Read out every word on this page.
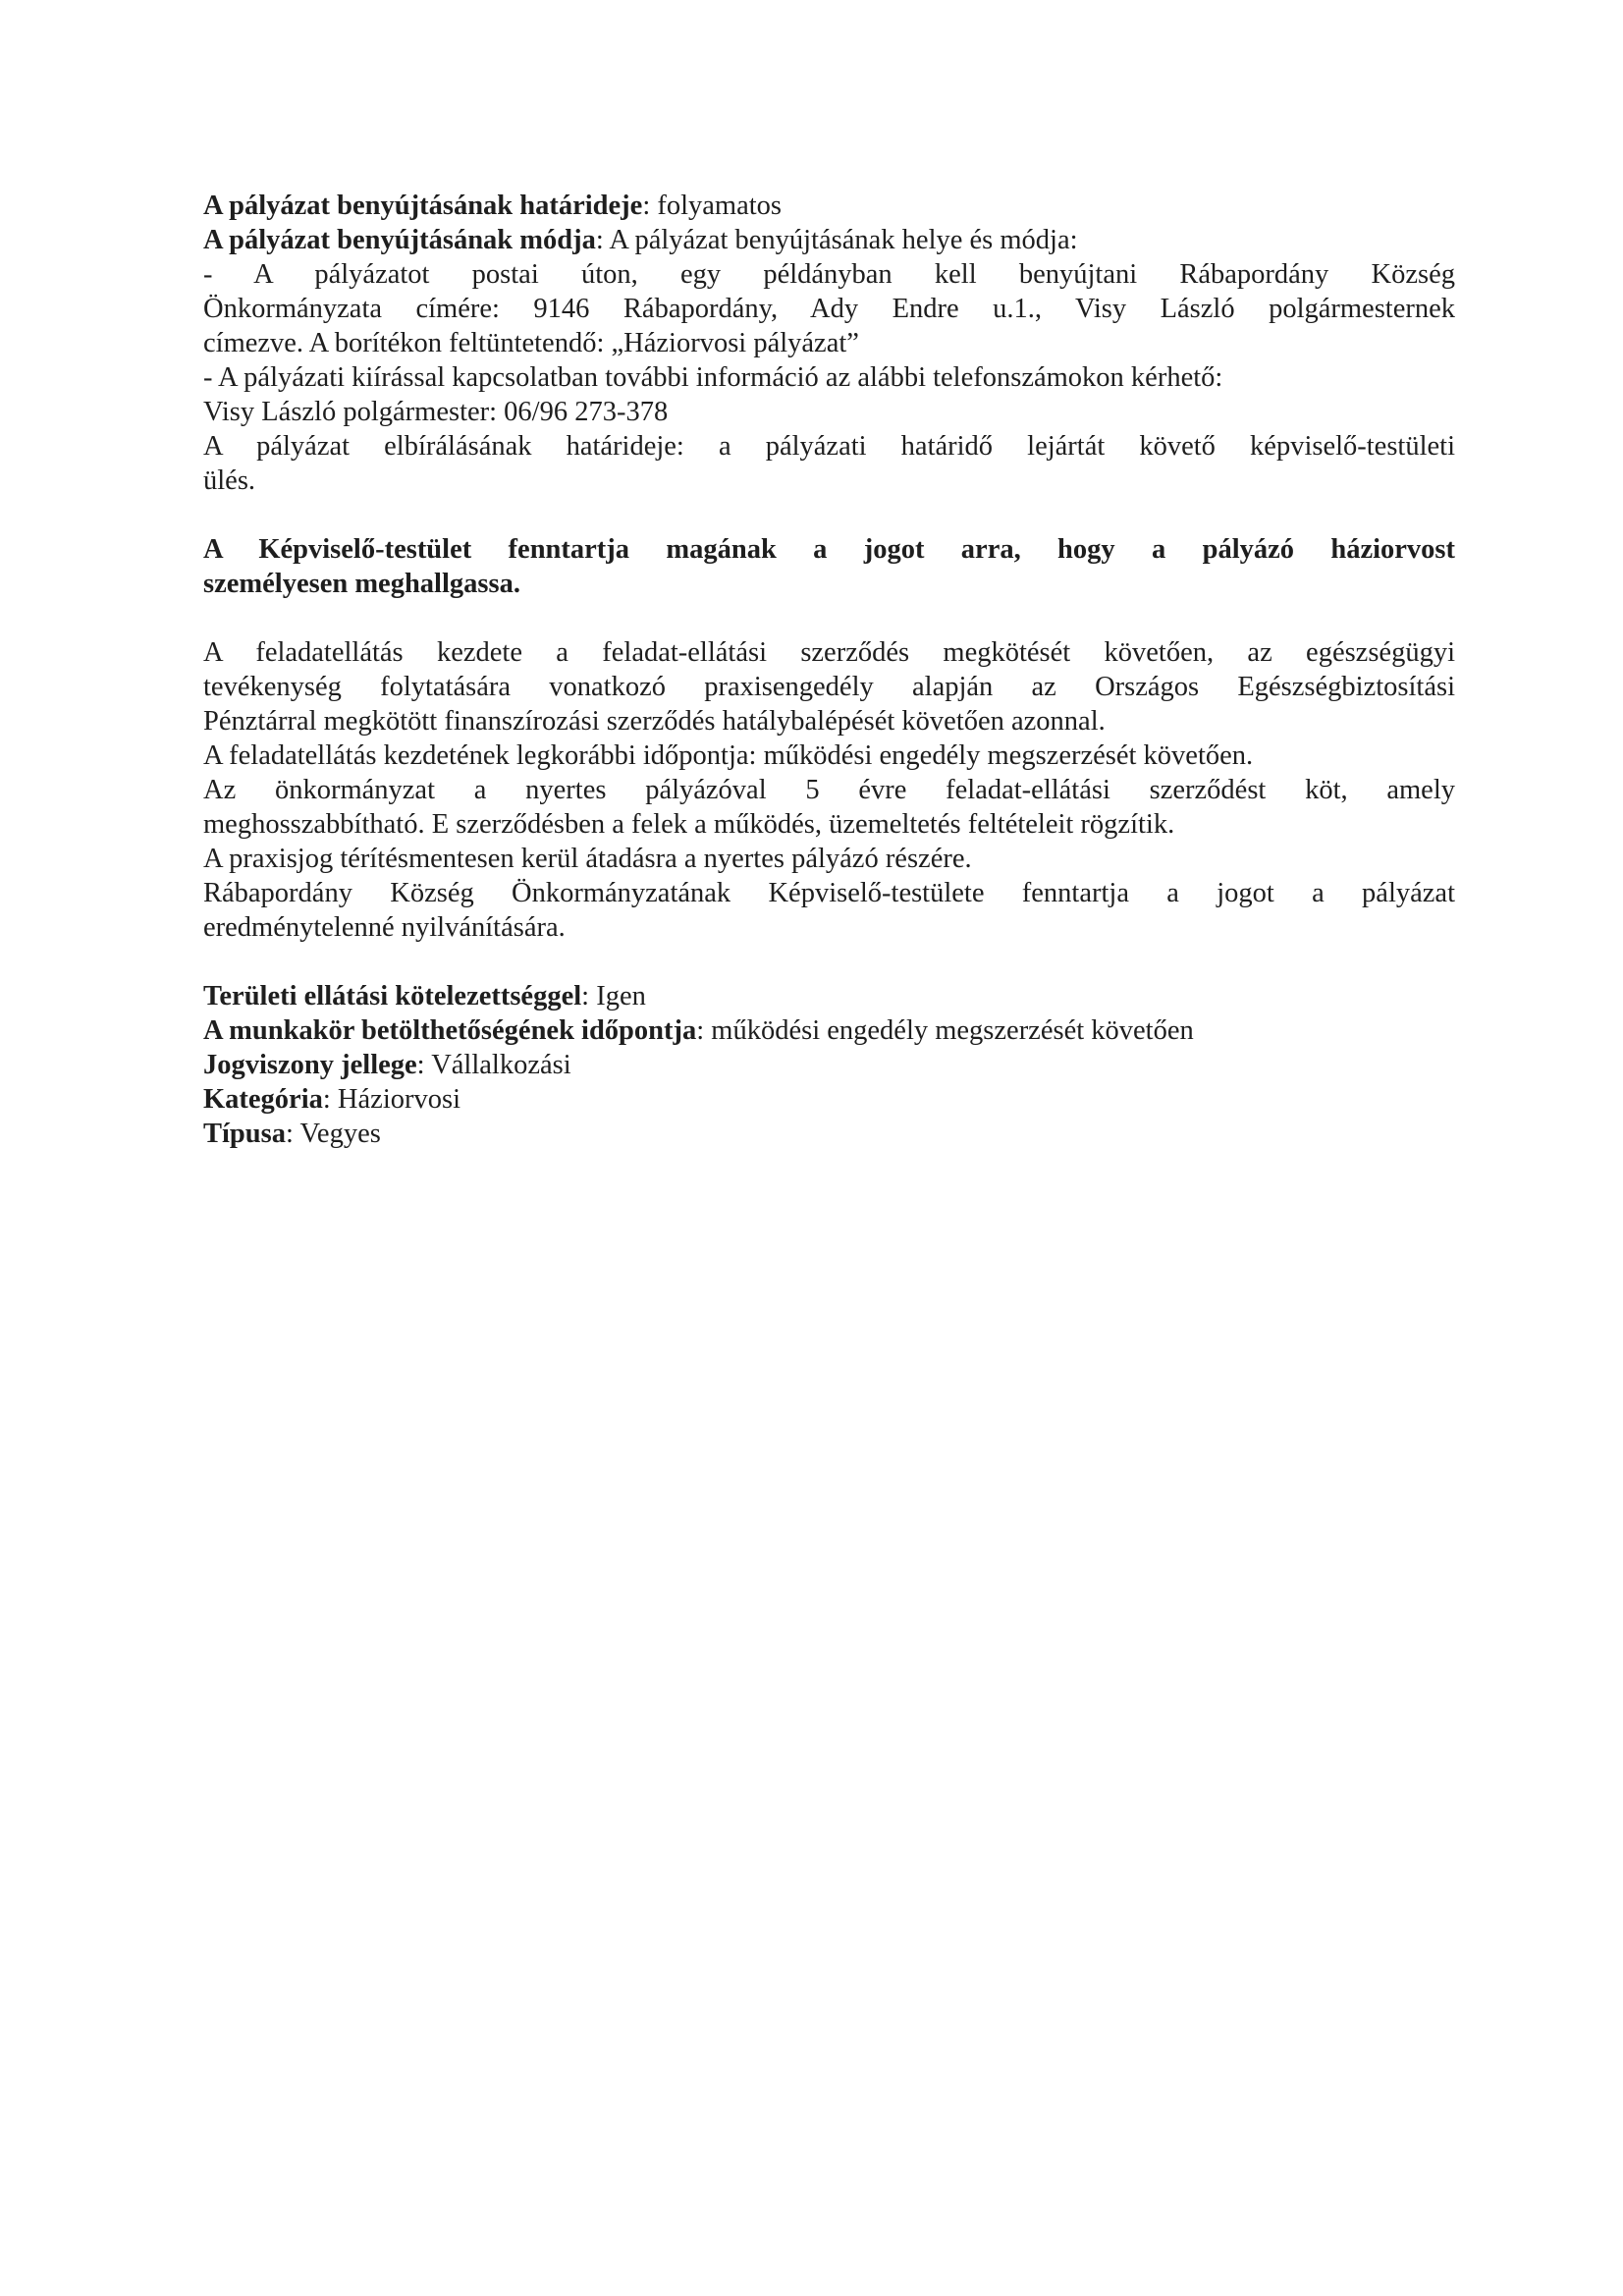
A pályázat benyújtásának határideje: folyamatos
A pályázat benyújtásának módja: A pályázat benyújtásának helye és módja:
- A pályázatot postai úton, egy példányban kell benyújtani Rábapordány Község
Önkormányzata címére: 9146 Rábapordány, Ady Endre u.1., Visy László polgármesternek
címezve. A borítékon feltüntetendő: „Háziorvosi pályázat”
- A pályázati kiírással kapcsolatban további információ az alábbi telefonszámokon kérhető:
Visy László polgármester: 06/96 273-378
A pályázat elbírálásának határideje: a pályázati határidő lejártát követő képviselő-testületi
ülés.
A Képviselő-testület fenntartja magának a jogot arra, hogy a pályázó háziorvost
személyesen meghallgassa.
A feladatellátás kezdete a feladat-ellátási szerződés megkötését követően, az egészségügyi
tevékenység folytatására vonatkozó praxisengedély alapján az Országos Egészségbiztosítási
Pénztárral megkötött finanszírozási szerződés hatálybalépését követően azonnal.
A feladatellátás kezdetének legkorábbi időpontja: működési engedély megszerzését követően.
Az önkormányzat a nyertes pályázóval 5 évre feladat-ellátási szerződést köt, amely
meghosszabbítható. E szerződésben a felek a működés, üzemeltetés feltételeit rögzítik.
A praxisjog térítésmentesen kerül átadásra a nyertes pályázó részére.
Rábapordány Község Önkormányzatának Képviselő-testülete fenntartja a jogot a pályázat
eredménytelenné nyilvánítására.
Területi ellátási kötelezettséggel: Igen
A munkakör betölthetőségének időpontja: működési engedély megszerzését követően
Jogviszony jellege: Vállalkozási
Kategória: Háziorvosi
Típusa: Vegyes
